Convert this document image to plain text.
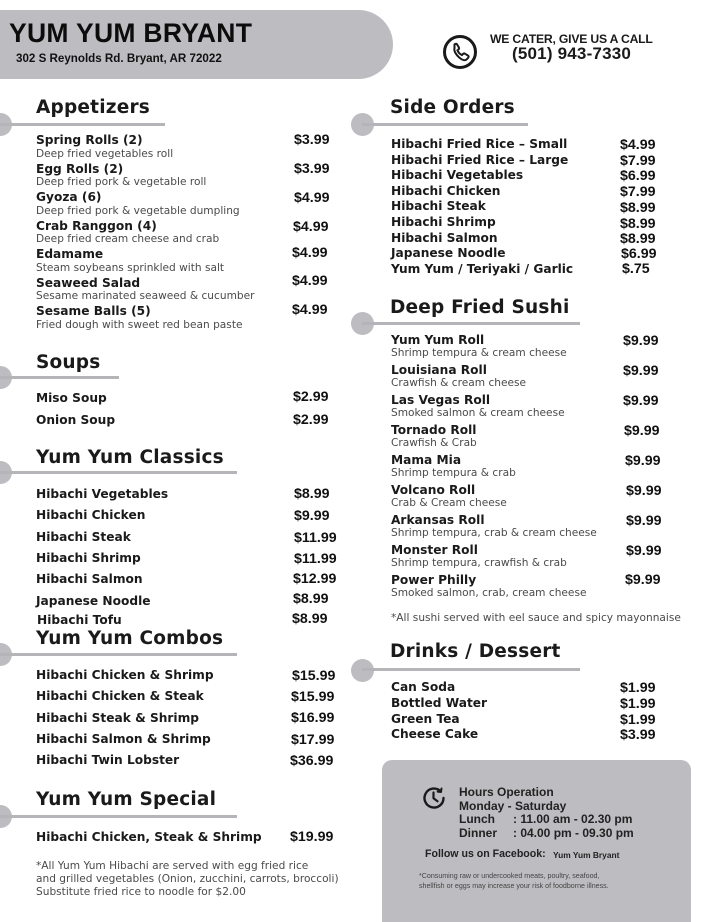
YUM YUM BRYANT
302 S Reynolds Rd. Bryant, AR 72022
WE CATER, GIVE US A CALL
(501) 943-7330
Appetizers
Spring Rolls (2)
Deep fried vegetables roll
$3.99
Egg Rolls (2)
Deep fried pork & vegetable roll
$3.99
Gyoza (6)
Deep fried pork & vegetable dumpling
$4.99
Crab Ranggon (4)
Deep fried cream cheese and crab
$4.99
Edamame
Steam soybeans sprinkled with salt
$4.99
Seaweed Salad
Sesame marinated seaweed & cucumber
$4.99
Sesame Balls (5)
Fried dough with sweet red bean paste
$4.99
Soups
Miso Soup	$2.99
Onion Soup	$2.99
Yum Yum Classics
Hibachi Vegetables	$8.99
Hibachi Chicken	$9.99
Hibachi Steak	$11.99
Hibachi Shrimp	$11.99
Hibachi Salmon	$12.99
Japanese Noodle	$8.99
Hibachi Tofu	$8.99
Yum Yum Combos
Hibachi Chicken & Shrimp	$15.99
Hibachi Chicken & Steak	$15.99
Hibachi Steak & Shrimp	$16.99
Hibachi Salmon & Shrimp	$17.99
Hibachi Twin Lobster	$36.99
Yum Yum Special
Hibachi Chicken, Steak & Shrimp $19.99
*All Yum Yum Hibachi are served with egg fried rice
and grilled vegetables (Onion, zucchini, carrots, broccoli)
Substitute fried rice to noodle for $2.00
Side Orders
Hibachi Fried Rice – Small	$4.99
Hibachi Fried Rice – Large	$7.99
Hibachi Vegetables	$6.99
Hibachi Chicken	$7.99
Hibachi Steak	$8.99
Hibachi Shrimp	$8.99
Hibachi Salmon	$8.99
Japanese Noodle	$6.99
Yum Yum / Teriyaki / Garlic	$.75
Deep Fried Sushi
Yum Yum Roll
Shrimp tempura & cream cheese
$9.99
Louisiana Roll
Crawfish & cream cheese
$9.99
Las Vegas Roll
Smoked salmon & cream cheese
$9.99
Tornado Roll
Crawfish & Crab
$9.99
Mama Mia
Shrimp tempura & crab
$9.99
Volcano Roll
Crab & Cream cheese
$9.99
Arkansas Roll
Shrimp tempura, crab & cream cheese
$9.99
Monster Roll
Shrimp tempura, crawfish & crab
$9.99
Power Philly
Smoked salmon, crab, cream cheese
$9.99
*All sushi served with eel sauce and spicy mayonnaise
Drinks / Dessert
Can Soda	$1.99
Bottled Water	$1.99
Green Tea	$1.99
Cheese Cake	$3.99
Hours Operation
Monday - Saturday
Lunch : 11.00 am - 02.30 pm
Dinner : 04.00 pm - 09.30 pm
Follow us on Facebook: Yum Yum Bryant
*Consuming raw or undercooked meats, poultry, seafood,
shellfish or eggs may increase your risk of foodborne illness.
